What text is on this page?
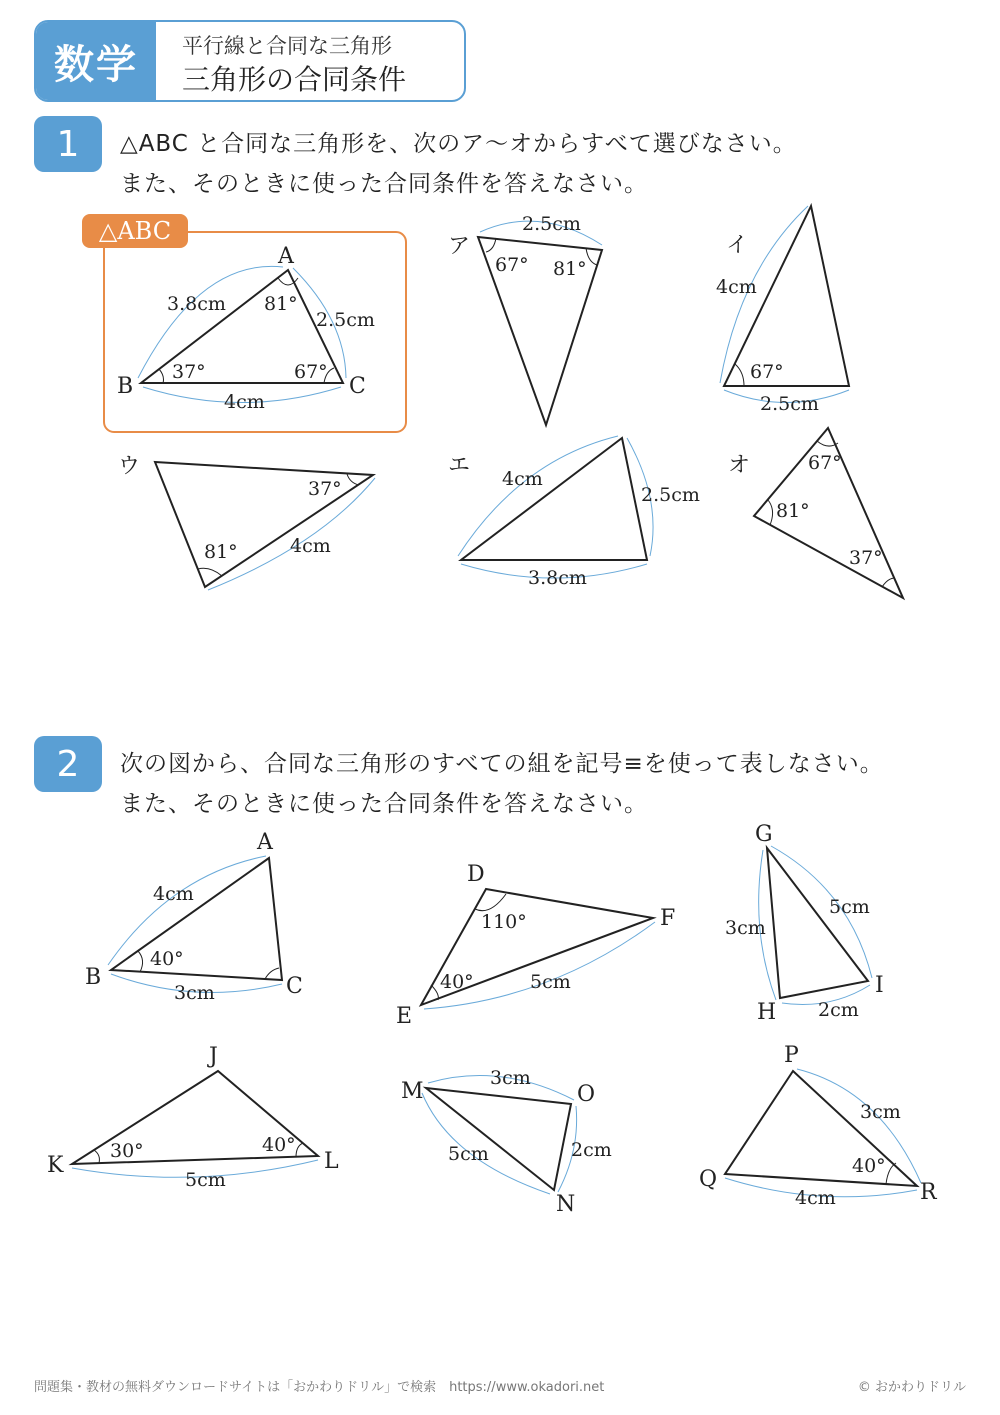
数学	平行線と合同な三角形
三角形の合同条件
1	△ABC と合同な三角形を、次のア～オからすべて選びなさい。
また、そのときに使った合同条件を答えなさい。
2	次の図から、合同な三角形のすべての組を記号≡を使って表しなさい。
また、そのときに使った合同条件を答えなさい。
A
B	C
3.8cm
2.5cm
4cm
81°
37°	67°
ア
2.5cm
67° 81°
イ
4cm
2.5cm
67°
ウ
37°
81°	4cm
エ
4cm
2.5cm
3.8cm
オ	67°
81°
37°
A
B	C
4cm
3cm
40°
D
E
F
110°
40°	5cm
G
H
I
3cm
5cm
2cm
J
K	L
30°	40°
5cm
M
N
O
3cm
5cm	2cm
P
Q
R
3cm
4cm
40°
△ABC
問題集・教材の無料ダウンロードサイトは「おかわりドリル」で検索　https://www.okadori.net	© おかわりドリル
